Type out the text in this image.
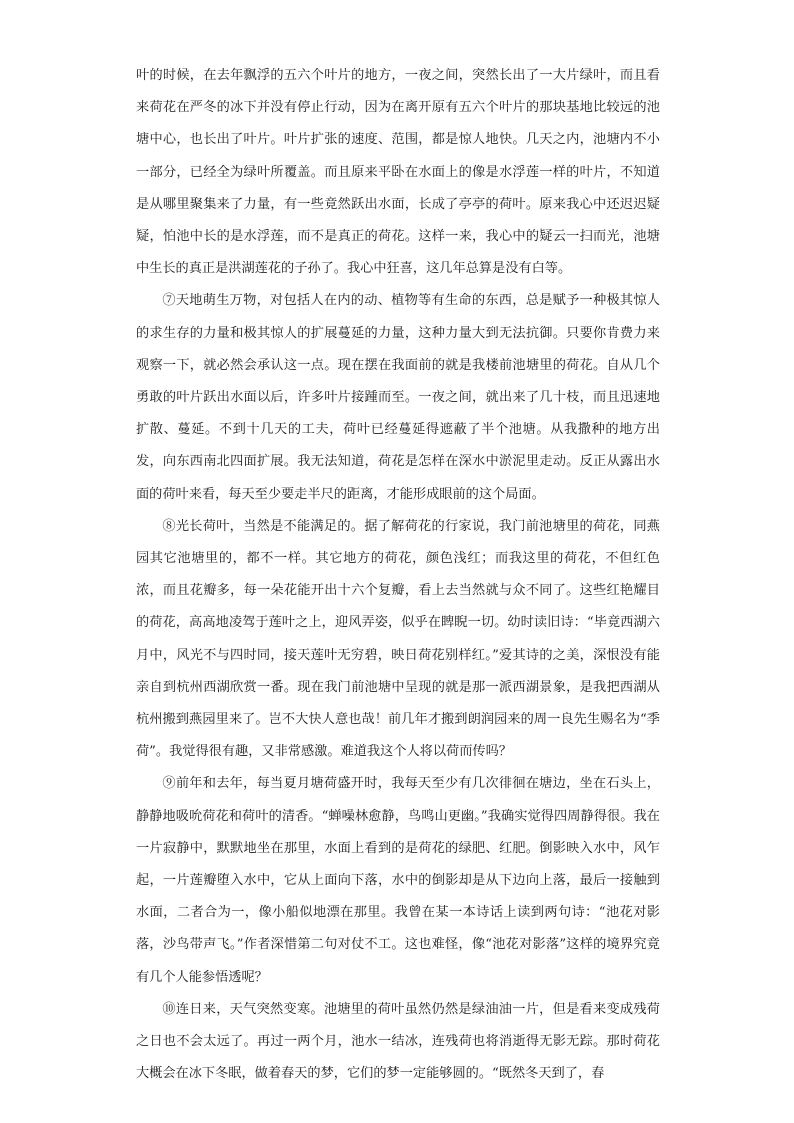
叶的时候，在去年飘浮的五六个叶片的地方，一夜之间，突然长出了一大片绿叶，而且看来荷花在严冬的冰下并没有停止行动，因为在离开原有五六个叶片的那块基地比较远的池塘中心，也长出了叶片。叶片扩张的速度、范围，都是惊人地快。几天之内，池塘内不小一部分，已经全为绿叶所覆盖。而且原来平卧在水面上的像是水浮莲一样的叶片，不知道是从哪里聚集来了力量，有一些竟然跃出水面，长成了亭亭的荷叶。原来我心中还迟迟疑疑，怕池中长的是水浮莲，而不是真正的荷花。这样一来，我心中的疑云一扫而光，池塘中生长的真正是洪湖莲花的子孙了。我心中狂喜，这几年总算是没有白等。

⑦天地萌生万物，对包括人在内的动、植物等有生命的东西，总是赋予一种极其惊人的求生存的力量和极其惊人的扩展蔓延的力量，这种力量大到无法抗御。只要你肯费力来观察一下，就必然会承认这一点。现在摆在我面前的就是我楼前池塘里的荷花。自从几个勇敢的叶片跃出水面以后，许多叶片接踵而至。一夜之间，就出来了几十枝，而且迅速地扩散、蔓延。不到十几天的工夫，荷叶已经蔓延得遮蔽了半个池塘。从我撒种的地方出发，向东西南北四面扩展。我无法知道，荷花是怎样在深水中淤泥里走动。反正从露出水面的荷叶来看，每天至少要走半尺的距离，才能形成眼前的这个局面。

⑧光长荷叶，当然是不能满足的。据了解荷花的行家说，我门前池塘里的荷花，同燕园其它池塘里的，都不一样。其它地方的荷花，颜色浅红；而我这里的荷花，不但红色浓，而且花瓣多，每一朵花能开出十六个复瓣，看上去当然就与众不同了。这些红艳耀目的荷花，高高地凌驾于莲叶之上，迎风弄姿，似乎在睥睨一切。幼时读旧诗：“毕竟西湖六月中，风光不与四时同，接天莲叶无穷碧，映日荷花别样红。”爱其诗的之美，深恨没有能亲自到杭州西湖欣赏一番。现在我门前池塘中呈现的就是那一派西湖景象，是我把西湖从杭州搬到燕园里来了。岂不大快人意也哉！前几年才搬到朗润园来的周一良先生赐名为“季荷”。我觉得很有趣，又非常感激。难道我这个人将以荷而传吗？

⑨前年和去年，每当夏月塘荷盛开时，我每天至少有几次徘徊在塘边，坐在石头上，静静地吸吮荷花和荷叶的清香。“蝉噪林愈静，鸟鸣山更幽。”我确实觉得四周静得很。我在一片寂静中，默默地坐在那里，水面上看到的是荷花的绿肥、红肥。倒影映入水中，风乍起，一片莲瓣堕入水中，它从上面向下落，水中的倒影却是从下边向上落，最后一接触到水面，二者合为一，像小船似地漂在那里。我曾在某一本诗话上读到两句诗：“池花对影落，沙鸟带声飞。”作者深惜第二句对仗不工。这也难怪，像“池花对影落”这样的境界究竟有几个人能参悟透呢？

⑩连日来，天气突然变寒。池塘里的荷叶虽然仍然是绿油油一片，但是看来变成残荷之日也不会太远了。再过一两个月，池水一结冰，连残荷也将消逝得无影无踪。那时荷花大概会在冰下冬眠，做着春天的梦，它们的梦一定能够圆的。“既然冬天到了，春
